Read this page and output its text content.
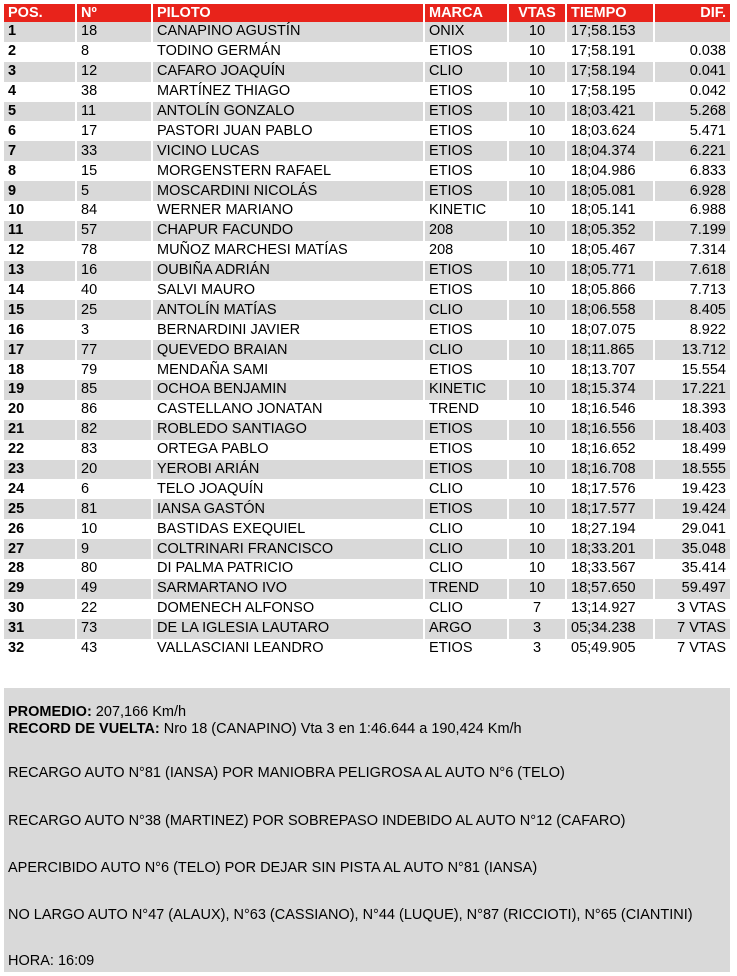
POS.	Nº	PILOTO	MARCA	VTAS	TIEMPO	DIF.
1	18	CANAPINO AGUSTÍN	ONIX	10	17;58.153	
2	8	TODINO GERMÁN	ETIOS	10	17;58.191	0.038
3	12	CAFARO JOAQUÍN	CLIO	10	17;58.194	0.041
4	38	MARTÍNEZ THIAGO	ETIOS	10	17;58.195	0.042
5	11	ANTOLÍN GONZALO	ETIOS	10	18;03.421	5.268
6	17	PASTORI JUAN PABLO	ETIOS	10	18;03.624	5.471
7	33	VICINO LUCAS	ETIOS	10	18;04.374	6.221
8	15	MORGENSTERN RAFAEL	ETIOS	10	18;04.986	6.833
9	5	MOSCARDINI NICOLÁS	ETIOS	10	18;05.081	6.928
10	84	WERNER MARIANO	KINETIC	10	18;05.141	6.988
11	57	CHAPUR FACUNDO	208	10	18;05.352	7.199
12	78	MUÑOZ MARCHESI MATÍAS	208	10	18;05.467	7.314
13	16	OUBIÑA ADRIÁN	ETIOS	10	18;05.771	7.618
14	40	SALVI MAURO	ETIOS	10	18;05.866	7.713
15	25	ANTOLÍN MATÍAS	CLIO	10	18;06.558	8.405
16	3	BERNARDINI JAVIER	ETIOS	10	18;07.075	8.922
17	77	QUEVEDO BRAIAN	CLIO	10	18;11.865	13.712
18	79	MENDAÑA SAMI	ETIOS	10	18;13.707	15.554
19	85	OCHOA BENJAMIN	KINETIC	10	18;15.374	17.221
20	86	CASTELLANO JONATAN	TREND	10	18;16.546	18.393
21	82	ROBLEDO SANTIAGO	ETIOS	10	18;16.556	18.403
22	83	ORTEGA PABLO	ETIOS	10	18;16.652	18.499
23	20	YEROBI ARIÁN	ETIOS	10	18;16.708	18.555
24	6	TELO JOAQUÍN	CLIO	10	18;17.576	19.423
25	81	IANSA GASTÓN	ETIOS	10	18;17.577	19.424
26	10	BASTIDAS EXEQUIEL	CLIO	10	18;27.194	29.041
27	9	COLTRINARI FRANCISCO	CLIO	10	18;33.201	35.048
28	80	DI PALMA PATRICIO	CLIO	10	18;33.567	35.414
29	49	SARMARTANO IVO	TREND	10	18;57.650	59.497
30	22	DOMENECH ALFONSO	CLIO	7	13;14.927	3 VTAS
31	73	DE LA IGLESIA LAUTARO	ARGO	3	05;34.238	7 VTAS
32	43	VALLASCIANI LEANDRO	ETIOS	3	05;49.905	7 VTAS
PROMEDIO: 207,166 Km/h
RECORD DE VUELTA: Nro 18 (CANAPINO) Vta 3 en 1:46.644 a 190,424 Km/h
RECARGO AUTO N°81 (IANSA) POR MANIOBRA PELIGROSA AL AUTO N°6 (TELO)
RECARGO AUTO N°38 (MARTINEZ) POR SOBREPASO INDEBIDO AL AUTO N°12 (CAFARO)
APERCIBIDO AUTO N°6 (TELO) POR DEJAR SIN PISTA AL AUTO N°81 (IANSA)
NO LARGO AUTO N°47 (ALAUX), N°63 (CASSIANO), N°44 (LUQUE), N°87 (RICCIOTI), N°65 (CIANTINI)
HORA: 16:09
